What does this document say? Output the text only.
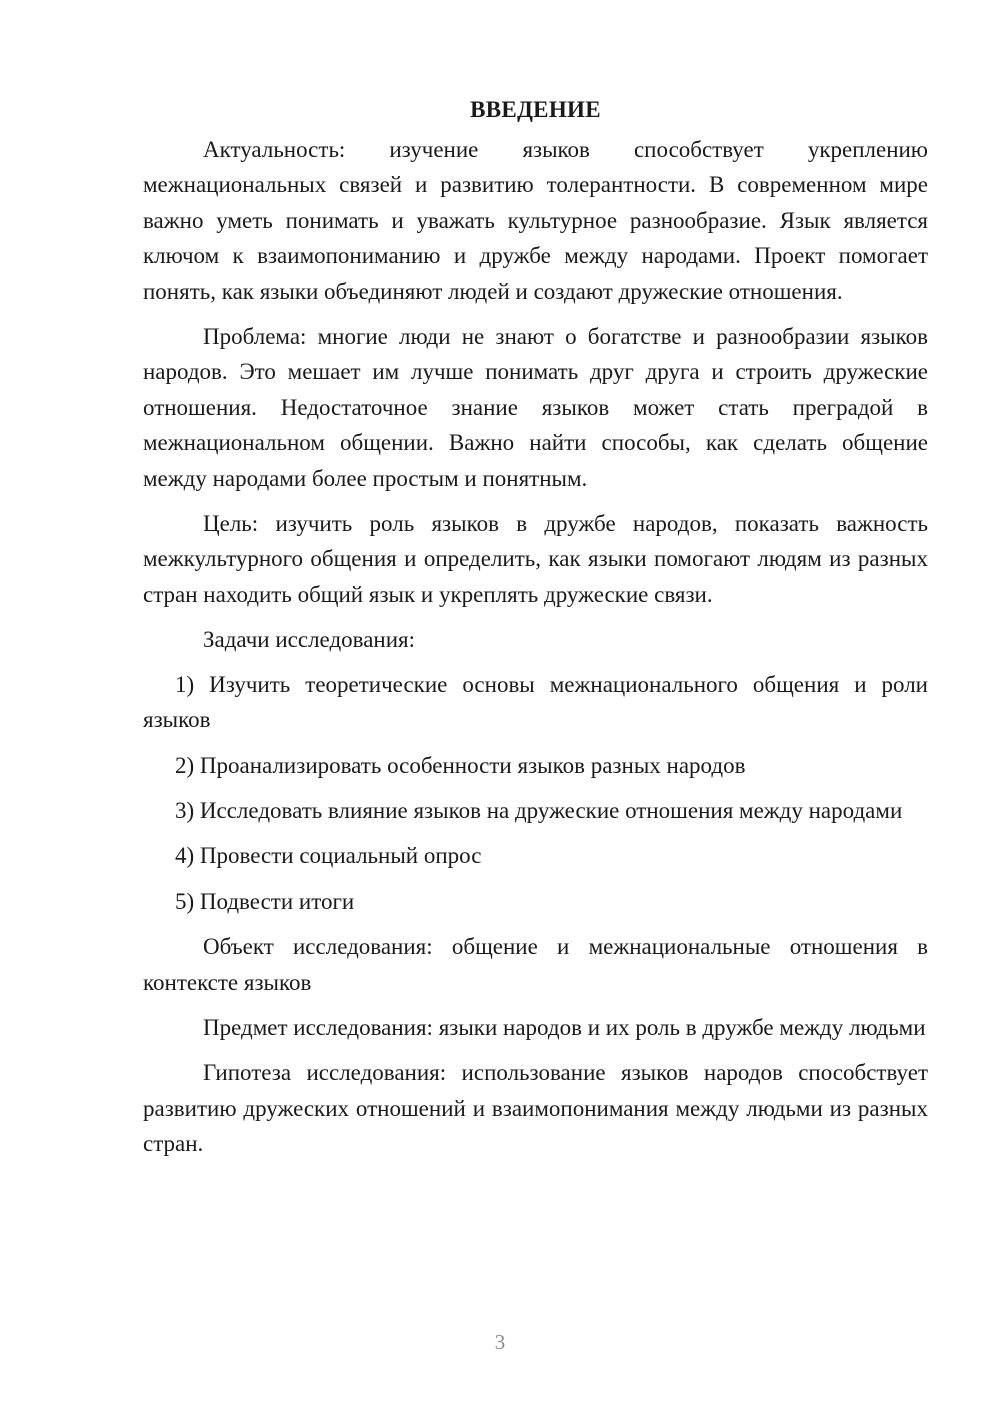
ВВЕДЕНИЕ

Актуальность: изучение языков способствует укреплению межнациональных связей и развитию толерантности. В современном мире важно уметь понимать и уважать культурное разнообразие. Язык является ключом к взаимопониманию и дружбе между народами. Проект помогает понять, как языки объединяют людей и создают дружеские отношения.

Проблема: многие люди не знают о богатстве и разнообразии языков народов. Это мешает им лучше понимать друг друга и строить дружеские отношения. Недостаточное знание языков может стать преградой в межнациональном общении. Важно найти способы, как сделать общение между народами более простым и понятным.

Цель: изучить роль языков в дружбе народов, показать важность межкультурного общения и определить, как языки помогают людям из разных стран находить общий язык и укреплять дружеские связи.

Задачи исследования:

1) Изучить теоретические основы межнационального общения и роли языков

2) Проанализировать особенности языков разных народов

3) Исследовать влияние языков на дружеские отношения между народами

4) Провести социальный опрос

5) Подвести итоги

Объект исследования: общение и межнациональные отношения в контексте языков

Предмет исследования: языки народов и их роль в дружбе между людьми

Гипотеза исследования: использование языков народов способствует развитию дружеских отношений и взаимопонимания между людьми из разных стран.

3
